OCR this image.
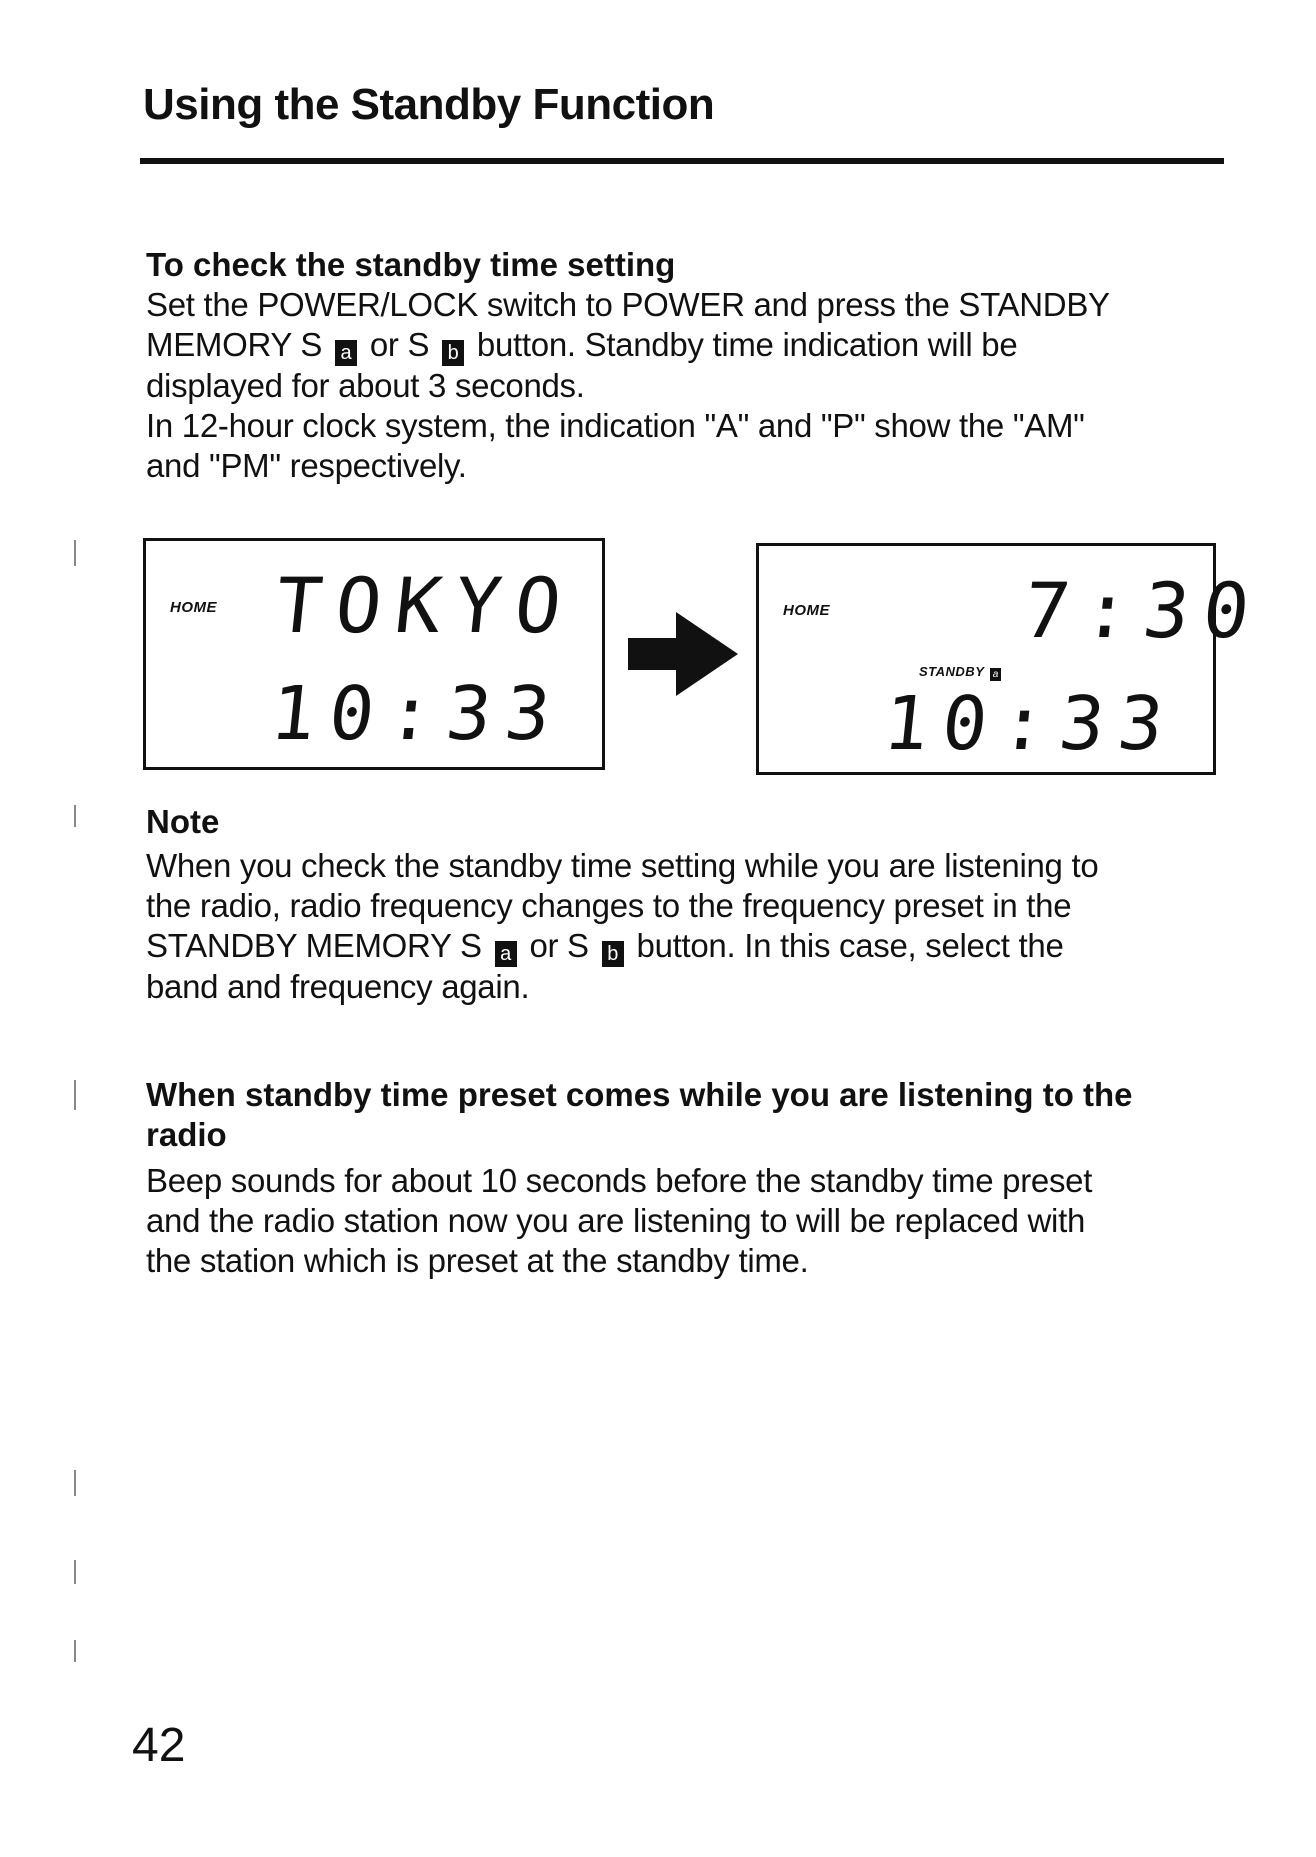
Using the Standby Function

To check the standby time setting

Set the POWER/LOCK switch to POWER and press the STANDBY

MEMORY S a or S b button. Standby time indication will be

displayed for about 3 seconds.

In 12-hour clock system, the indication "A" and "P" show the "AM"

and "PM" respectively.

HOME TOKYO
10:33
HOME 7:30
STANDBY a
10:33

Note

When you check the standby time setting while you are listening to

the radio, radio frequency changes to the frequency preset in the

STANDBY MEMORY S a or S b button. In this case, select the

band and frequency again.

When standby time preset comes while you are listening to the

radio

Beep sounds for about 10 seconds before the standby time preset

and the radio station now you are listening to will be replaced with

the station which is preset at the standby time.

42
